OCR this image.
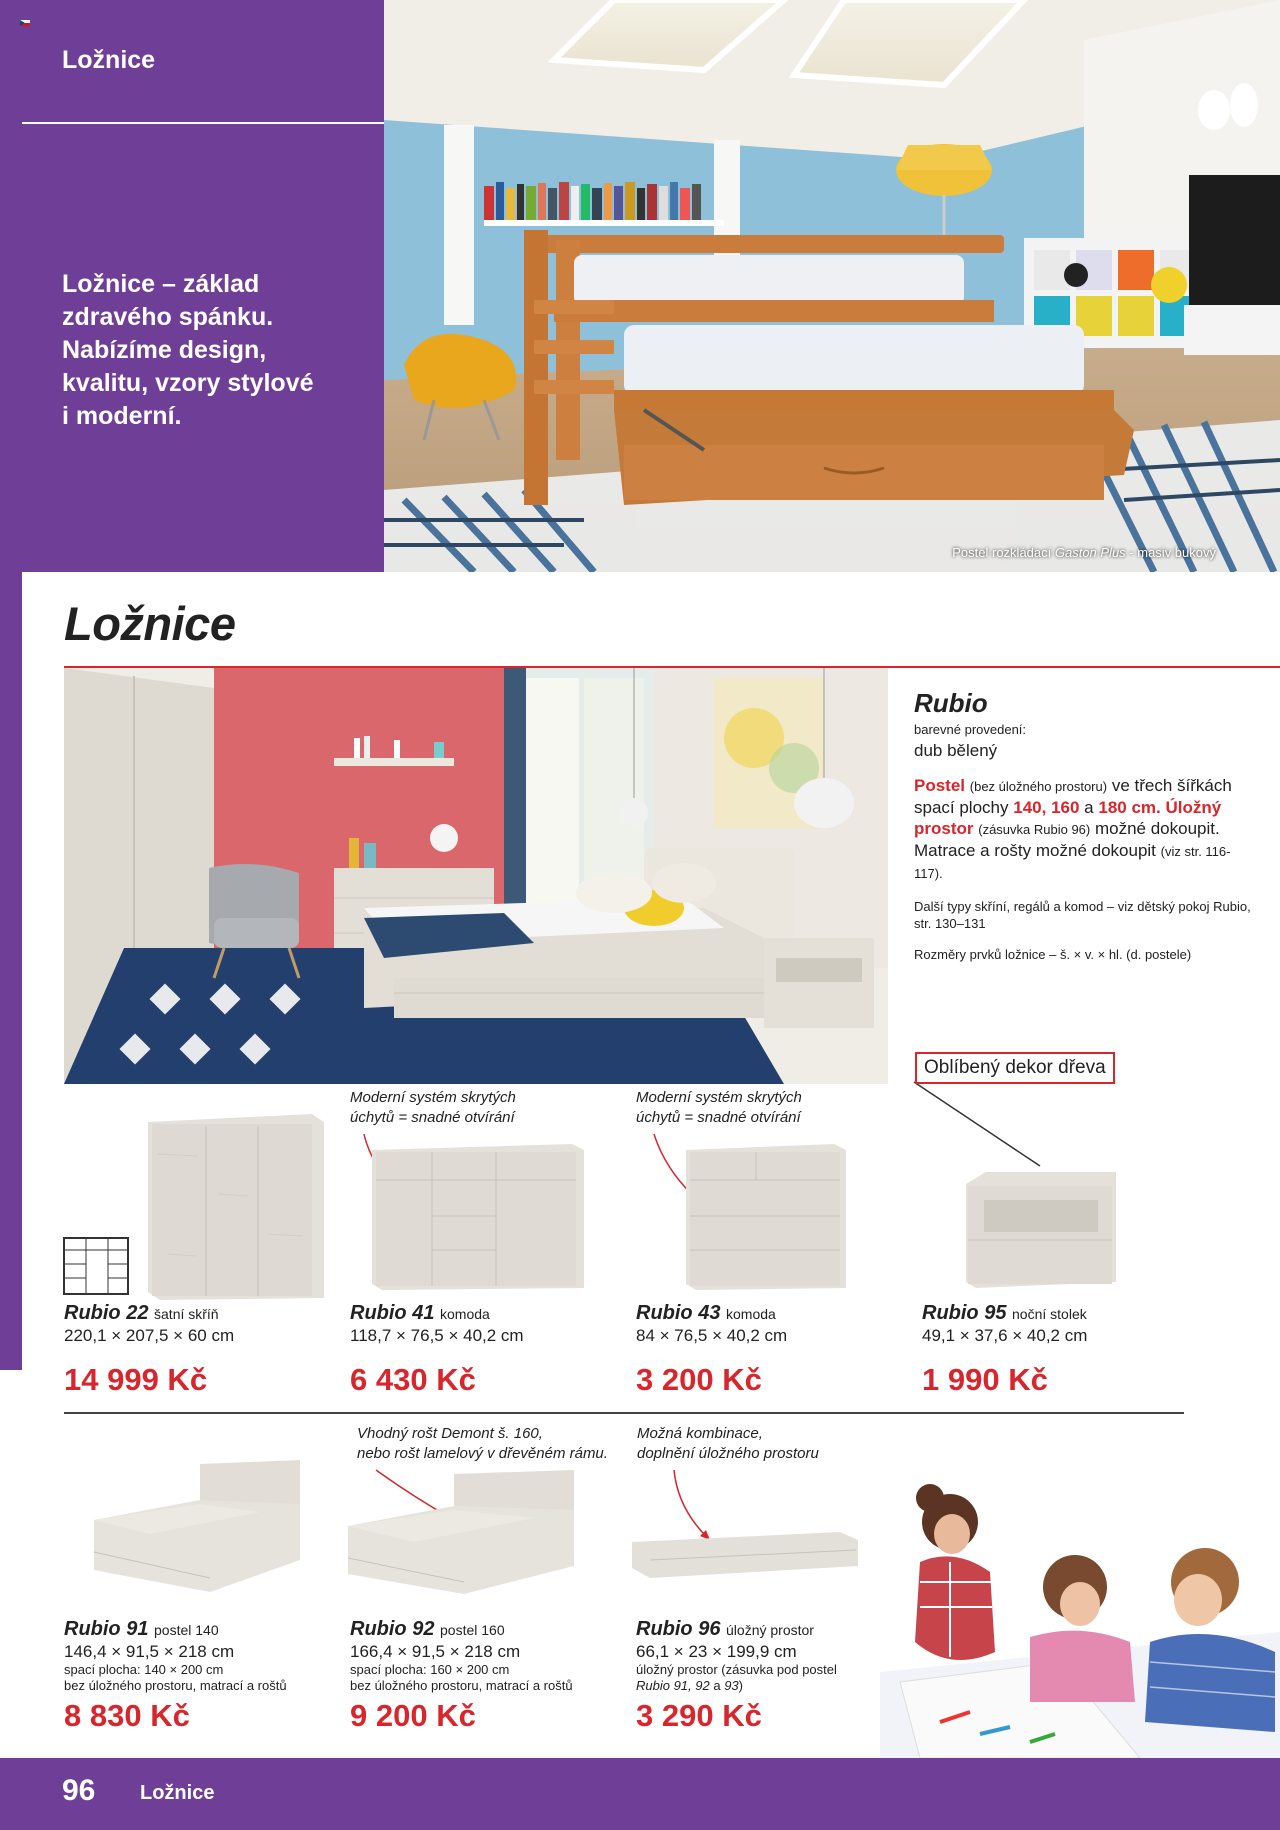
Ložnice
Ložnice – základ
zdravého spánku.
Nabízíme design,
kvalitu, vzory stylové
i moderní.
Postel rozkládací Gaston Plus - masiv bukový
Ložnice
Rubio

barevné provedení:

dub bělený

Postel (bez úložného prostoru) ve třech šířkách spací plochy 140, 160 a 180 cm. Úložný prostor (zásuvka Rubio 96) možné dokoupit. Matrace a rošty možné dokoupit (viz str. 116-117).

Další typy skříní, regálů a komod – viz dětský pokoj Rubio, str. 130–131

Rozměry prvků ložnice – š. × v. × hl. (d. postele)

Oblíbený dekor dřeva
Moderní systém skrytých
úchytů = snadné otvírání
Moderní systém skrytých
úchytů = snadné otvírání
Vhodný rošt Demont š. 160,
nebo rošt lamelový v dřevěném rámu.
Možná kombinace,
doplnění úložného prostoru
Rubio 22 šatní skříň
220,1 × 207,5 × 60 cm
14 999 Kč
Rubio 41 komoda
118,7 × 76,5 × 40,2 cm
6 430 Kč
Rubio 43 komoda
84 × 76,5 × 40,2 cm
3 200 Kč
Rubio 95 noční stolek
49,1 × 37,6 × 40,2 cm
1 990 Kč
Rubio 91 postel 140
146,4 × 91,5 × 218 cm
spací plocha: 140 × 200 cm
bez úložného prostoru, matrací a roštů
8 830 Kč
Rubio 92 postel 160
166,4 × 91,5 × 218 cm
spací plocha: 160 × 200 cm
bez úložného prostoru, matrací a roštů
9 200 Kč
Rubio 96 úložný prostor
66,1 × 23 × 199,9 cm
úložný prostor (zásuvka pod postel
Rubio 91, 92 a 93)
3 290 Kč
96 Ložnice
